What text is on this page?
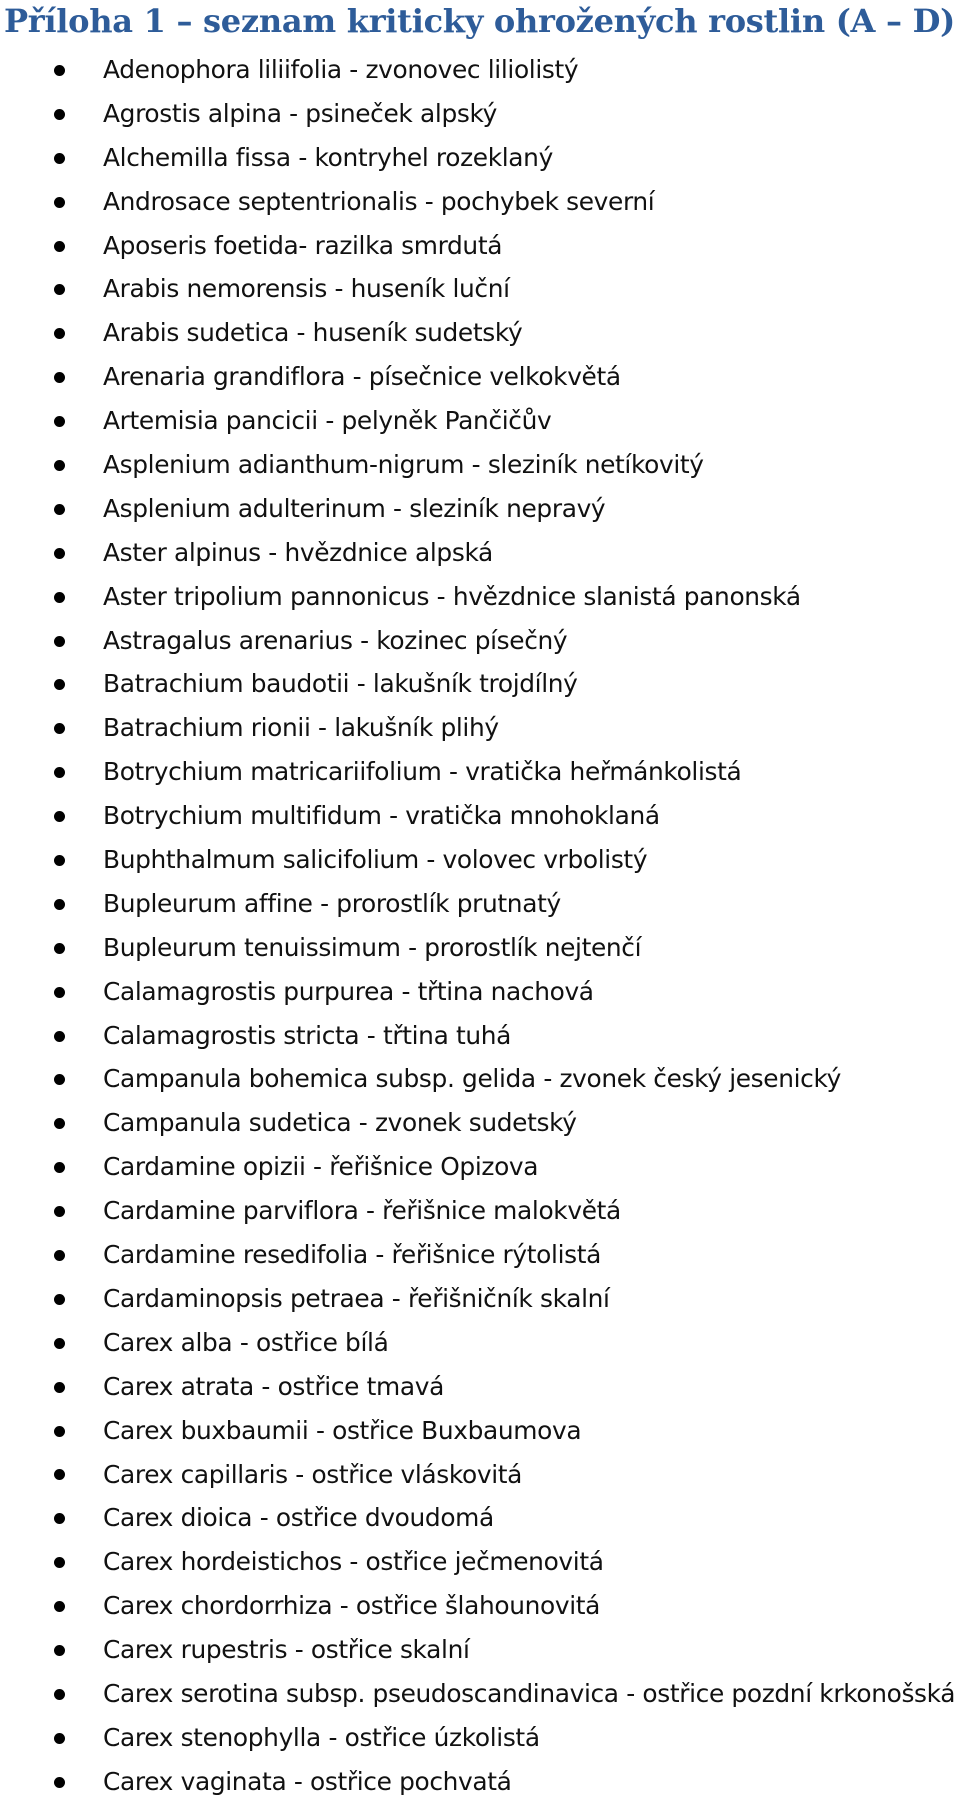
Příloha 1 – seznam kriticky ohrožených rostlin (A – D)
Adenophora liliifolia - zvonovec liliolistý
Agrostis alpina - psineček alpský
Alchemilla fissa - kontryhel rozeklaný
Androsace septentrionalis - pochybek severní
Aposeris foetida- razilka smrdutá
Arabis nemorensis - huseník luční
Arabis sudetica - huseník sudetský
Arenaria grandiflora - písečnice velkokvětá
Artemisia pancicii - pelyněk Pančičův
Asplenium adianthum-nigrum - sleziník netíkovitý
Asplenium adulterinum - sleziník nepravý
Aster alpinus - hvězdnice alpská
Aster tripolium pannonicus - hvězdnice slanistá panonská
Astragalus arenarius - kozinec písečný
Batrachium baudotii - lakušník trojdílný
Batrachium rionii - lakušník plihý
Botrychium matricariifolium - vratička heřmánkolistá
Botrychium multifidum - vratička mnohoklaná
Buphthalmum salicifolium - volovec vrbolistý
Bupleurum affine - prorostlík prutnatý
Bupleurum tenuissimum - prorostlík nejtenčí
Calamagrostis purpurea - třtina nachová
Calamagrostis stricta - třtina tuhá
Campanula bohemica subsp. gelida - zvonek český jesenický
Campanula sudetica - zvonek sudetský
Cardamine opizii - řeřišnice Opizova
Cardamine parviflora - řeřišnice malokvětá
Cardamine resedifolia - řeřišnice rýtolistá
Cardaminopsis petraea - řeřišničník skalní
Carex alba - ostřice bílá
Carex atrata - ostřice tmavá
Carex buxbaumii - ostřice Buxbaumova
Carex capillaris - ostřice vláskovitá
Carex dioica - ostřice dvoudomá
Carex hordeistichos - ostřice ječmenovitá
Carex chordorrhiza - ostřice šlahounovitá
Carex rupestris - ostřice skalní
Carex serotina subsp. pseudoscandinavica - ostřice pozdní krkonošská
Carex stenophylla - ostřice úzkolistá
Carex vaginata - ostřice pochvatá
